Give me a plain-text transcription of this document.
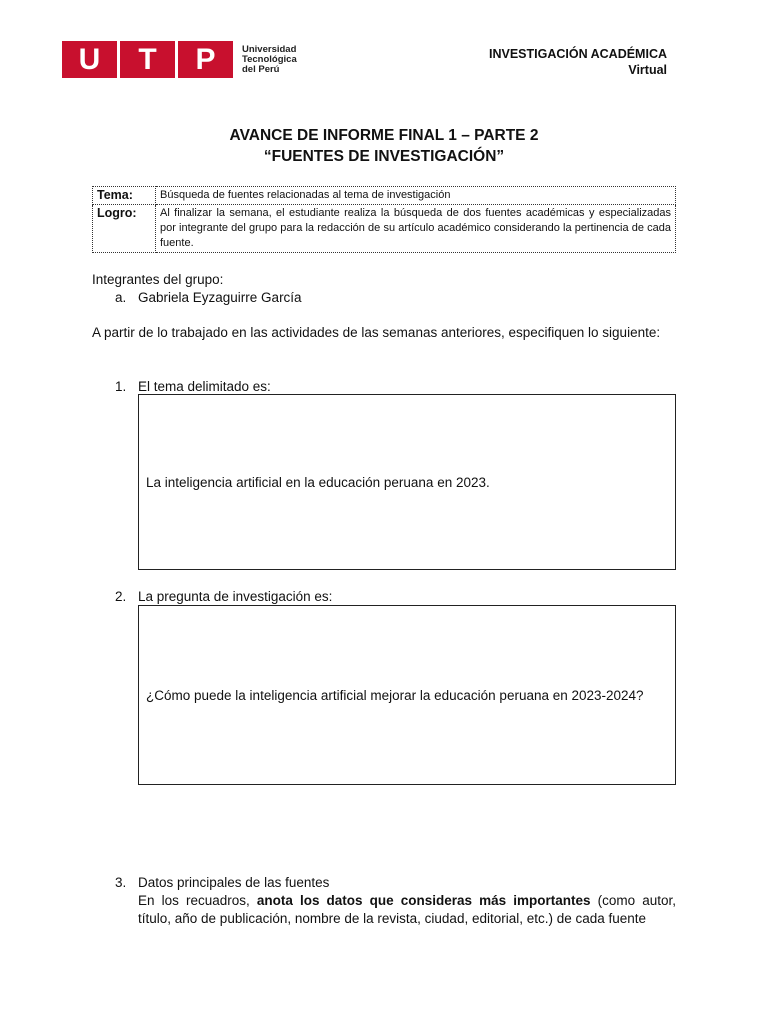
U	T	P	Universidad
Tecnológica
del Perú
INVESTIGACIÓN ACADÉMICA
Virtual
AVANCE DE INFORME FINAL 1 – PARTE 2
“FUENTES DE INVESTIGACIÓN”
Tema:	Búsqueda de fuentes relacionadas al tema de investigación
Logro:	Al finalizar la semana, el estudiante realiza la búsqueda de dos fuentes académicas y especializadas por integrante del grupo para la redacción de su artículo académico considerando la pertinencia de cada fuente.
Integrantes del grupo:
a. Gabriela Eyzaguirre García
A partir de lo trabajado en las actividades de las semanas anteriores, especifiquen lo siguiente:
1. El tema delimitado es:
La inteligencia artificial en la educación peruana en 2023.
2. La pregunta de investigación es:
¿Cómo puede la inteligencia artificial mejorar la educación peruana en 2023-2024?
3. Datos principales de las fuentes
En los recuadros, anota los datos que consideras más importantes (como autor,
título, año de publicación, nombre de la revista, ciudad, editorial, etc.) de cada fuente
